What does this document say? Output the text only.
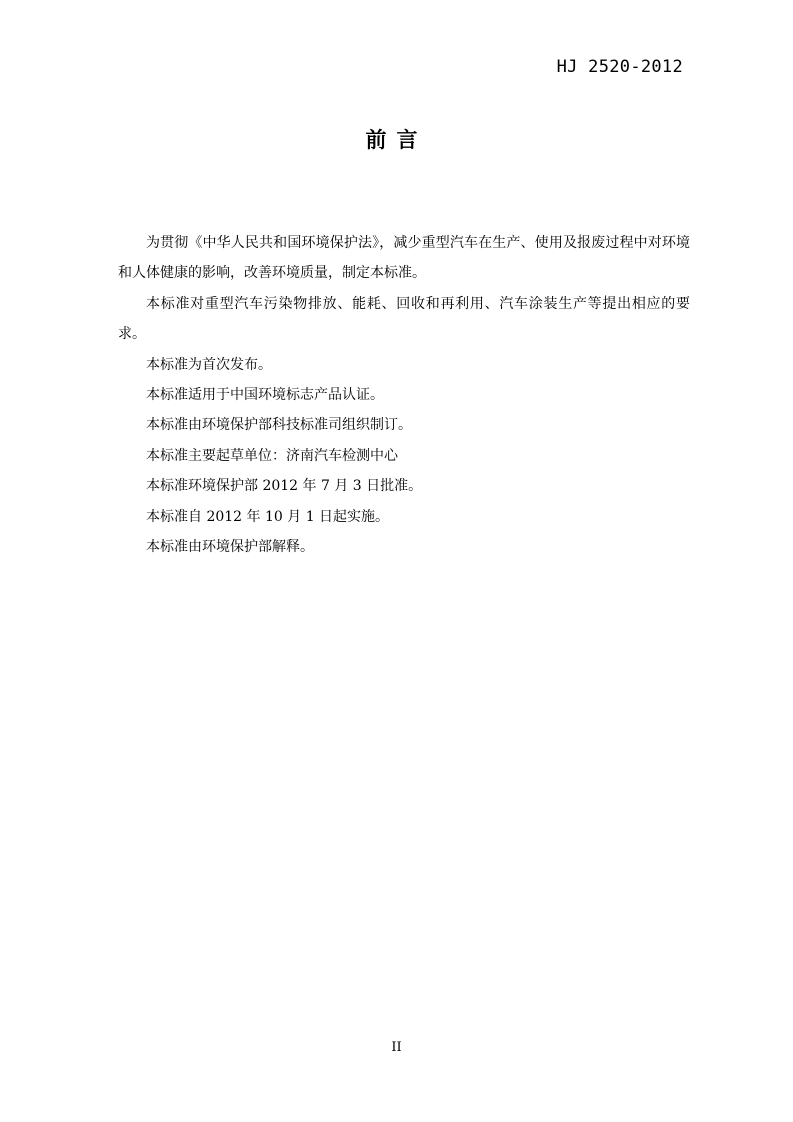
HJ 2520-2012
前言

为贯彻《中华人民共和国环境保护法》，减少重型汽车在生产、使用及报废过程中对环境和人体健康的影响，改善环境质量，制定本标准。

本标准对重型汽车污染物排放、能耗、回收和再利用、汽车涂装生产等提出相应的要求。

本标准为首次发布。

本标准适用于中国环境标志产品认证。

本标准由环境保护部科技标准司组织制订。

本标准主要起草单位：济南汽车检测中心

本标准环境保护部 2012 年 7 月 3 日批准。

本标准自 2012 年 10 月 1 日起实施。

本标准由环境保护部解释。

II
